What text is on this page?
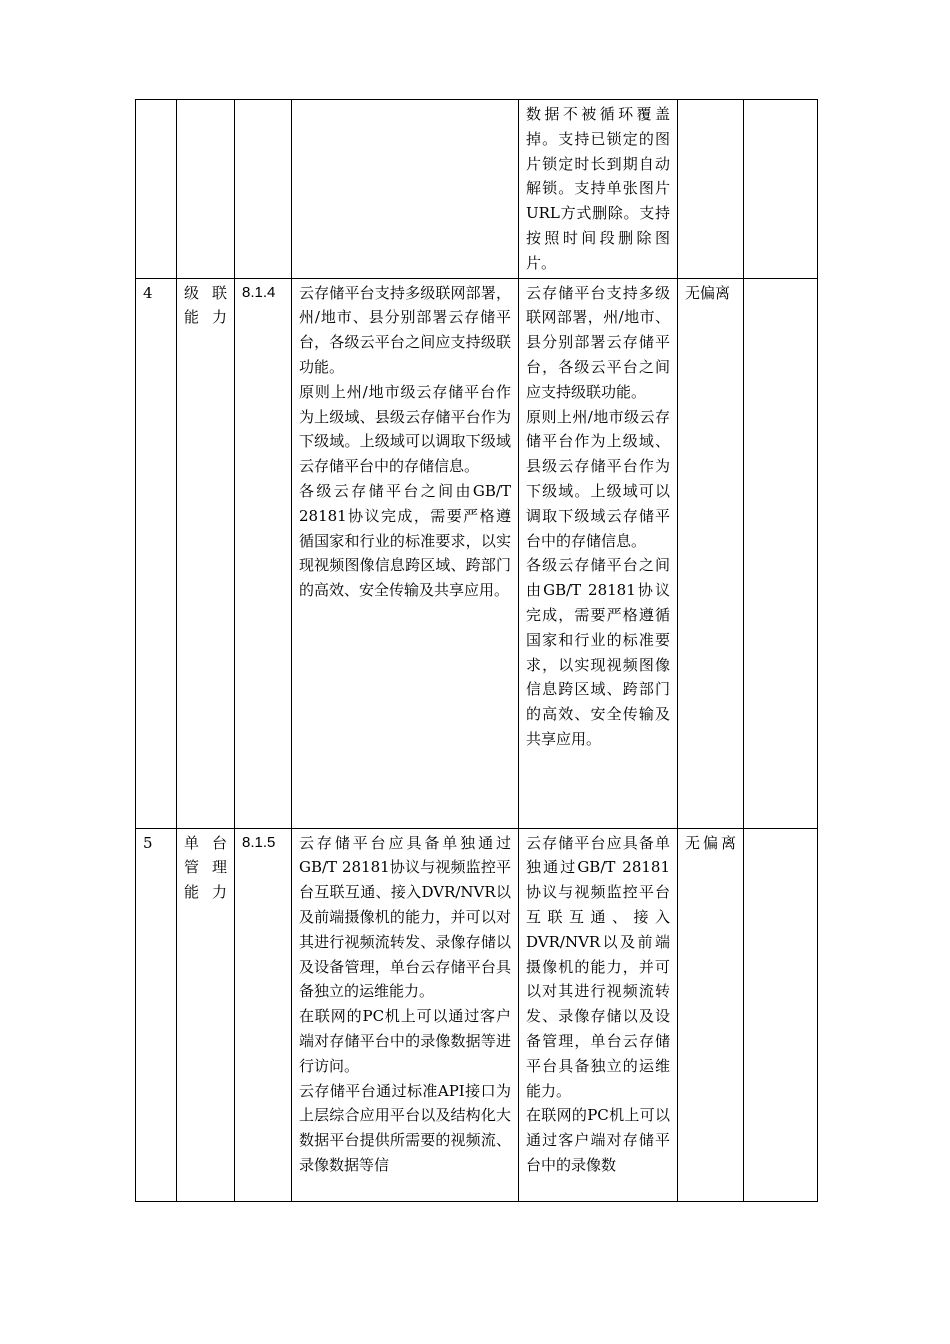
				数据不被循环覆盖掉。支持已锁定的图片锁定时长到期自动解锁。支持单张图片URL方式删除。支持按照时间段删除图片。		

4	级联能力	8.1.4	云存储平台支持多级联网部署，州/地市、县分别部署云存储平台，各级云平台之间应支持级联功能。
原则上州/地市级云存储平台作为上级域、县级云存储平台作为下级域。上级域可以调取下级域云存储平台中的存储信息。
各级云存储平台之间由GB/T 28181协议完成，需要严格遵循国家和行业的标准要求，以实现视频图像信息跨区域、跨部门的高效、安全传输及共享应用。	云存储平台支持多级联网部署，州/地市、县分别部署云存储平台，各级云平台之间应支持级联功能。
原则上州/地市级云存储平台作为上级域、县级云存储平台作为下级域。上级域可以调取下级域云存储平台中的存储信息。
各级云存储平台之间由GB/T 28181协议完成，需要严格遵循国家和行业的标准要求，以实现视频图像信息跨区域、跨部门的高效、安全传输及共享应用。	无偏离	
5	单台管理能力	8.1.5	云存储平台应具备单独通过GB/T 28181协议与视频监控平台互联互通、接入DVR/NVR以及前端摄像机的能力，并可以对其进行视频流转发、录像存储以及设备管理，单台云存储平台具备独立的运维能力。
在联网的PC机上可以通过客户端对存储平台中的录像数据等进行访问。
云存储平台通过标准API接口为上层综合应用平台以及结构化大数据平台提供所需要的视频流、录像数据等信	云存储平台应具备单独通过GB/T 28181协议与视频监控平台互联互通、接入DVR/NVR以及前端摄像机的能力，并可以对其进行视频流转发、录像存储以及设备管理，单台云存储平台具备独立的运维能力。
在联网的PC机上可以通过客户端对存储平台中的录像数	无偏离	
